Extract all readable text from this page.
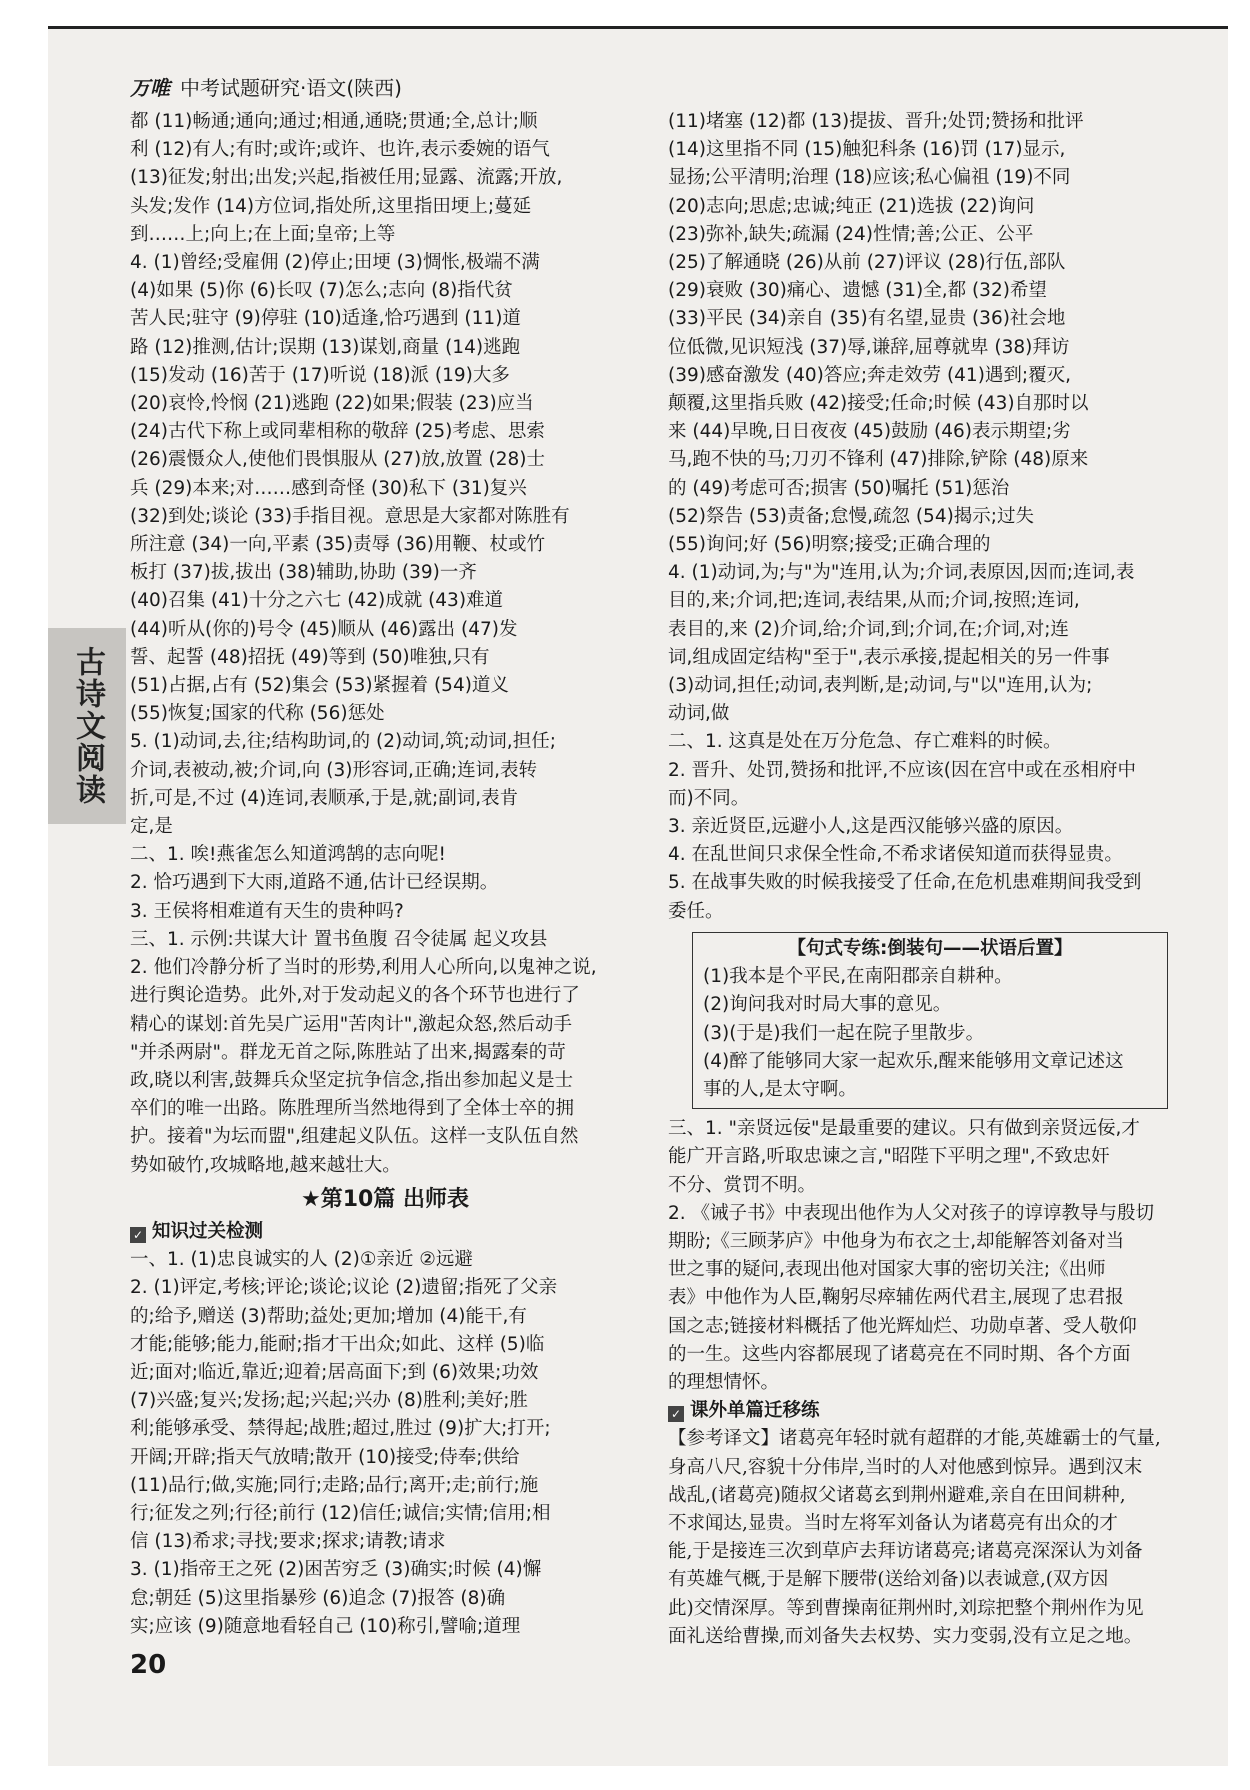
万唯 中考试题研究·语文(陕西)
古诗文阅读

都 (11)畅通;通向;通过;相通,通晓;贯通;全,总计;顺

利 (12)有人;有时;或许;或许、也许,表示委婉的语气

(13)征发;射出;出发;兴起,指被任用;显露、流露;开放,

头发;发作 (14)方位词,指处所,这里指田埂上;蔓延

到……上;向上;在上面;皇帝;上等

4. (1)曾经;受雇佣 (2)停止;田埂 (3)惆怅,极端不满

(4)如果 (5)你 (6)长叹 (7)怎么;志向 (8)指代贫

苦人民;驻守 (9)停驻 (10)适逢,恰巧遇到 (11)道

路 (12)推测,估计;误期 (13)谋划,商量 (14)逃跑

(15)发动 (16)苦于 (17)听说 (18)派 (19)大多

(20)哀怜,怜悯 (21)逃跑 (22)如果;假装 (23)应当

(24)古代下称上或同辈相称的敬辞 (25)考虑、思索

(26)震慑众人,使他们畏惧服从 (27)放,放置 (28)士

兵 (29)本来;对……感到奇怪 (30)私下 (31)复兴

(32)到处;谈论 (33)手指目视。意思是大家都对陈胜有

所注意 (34)一向,平素 (35)责辱 (36)用鞭、杖或竹

板打 (37)拔,拔出 (38)辅助,协助 (39)一齐

(40)召集 (41)十分之六七 (42)成就 (43)难道

(44)听从(你的)号令 (45)顺从 (46)露出 (47)发

誓、起誓 (48)招抚 (49)等到 (50)唯独,只有

(51)占据,占有 (52)集会 (53)紧握着 (54)道义

(55)恢复;国家的代称 (56)惩处

5. (1)动词,去,往;结构助词,的 (2)动词,筑;动词,担任;

介词,表被动,被;介词,向 (3)形容词,正确;连词,表转

折,可是,不过 (4)连词,表顺承,于是,就;副词,表肯

定,是

二、1. 唉!燕雀怎么知道鸿鹄的志向呢!

2. 恰巧遇到下大雨,道路不通,估计已经误期。

3. 王侯将相难道有天生的贵种吗?

三、1. 示例:共谋大计 置书鱼腹 召令徒属 起义攻县

2. 他们冷静分析了当时的形势,利用人心所向,以鬼神之说,

进行舆论造势。此外,对于发动起义的各个环节也进行了

精心的谋划:首先吴广运用"苦肉计",激起众怒,然后动手

"并杀两尉"。群龙无首之际,陈胜站了出来,揭露秦的苛

政,晓以利害,鼓舞兵众坚定抗争信念,指出参加起义是士

卒们的唯一出路。陈胜理所当然地得到了全体士卒的拥

护。接着"为坛而盟",组建起义队伍。这样一支队伍自然

势如破竹,攻城略地,越来越壮大。

★第10篇 出师表

✓ 知识过关检测

一、1. (1)忠良诚实的人 (2)①亲近 ②远避

2. (1)评定,考核;评论;谈论;议论 (2)遗留;指死了父亲

的;给予,赠送 (3)帮助;益处;更加;增加 (4)能干,有

才能;能够;能力,能耐;指才干出众;如此、这样 (5)临

近;面对;临近,靠近;迎着;居高面下;到 (6)效果;功效

(7)兴盛;复兴;发扬;起;兴起;兴办 (8)胜利;美好;胜

利;能够承受、禁得起;战胜;超过,胜过 (9)扩大;打开;

开阔;开辟;指天气放晴;散开 (10)接受;侍奉;供给

(11)品行;做,实施;同行;走路;品行;离开;走;前行;施

行;征发之列;行径;前行 (12)信任;诚信;实情;信用;相

信 (13)希求;寻找;要求;探求;请教;请求

3. (1)指帝王之死 (2)困苦穷乏 (3)确实;时候 (4)懈

怠;朝廷 (5)这里指暴殄 (6)追念 (7)报答 (8)确

实;应该 (9)随意地看轻自己 (10)称引,譬喻;道理

(11)堵塞 (12)都 (13)提拔、晋升;处罚;赞扬和批评

(14)这里指不同 (15)触犯科条 (16)罚 (17)显示,

显扬;公平清明;治理 (18)应该;私心偏祖 (19)不同

(20)志向;思虑;忠诚;纯正 (21)选拔 (22)询问

(23)弥补,缺失;疏漏 (24)性情;善;公正、公平

(25)了解通晓 (26)从前 (27)评议 (28)行伍,部队

(29)衰败 (30)痛心、遗憾 (31)全,都 (32)希望

(33)平民 (34)亲自 (35)有名望,显贵 (36)社会地

位低微,见识短浅 (37)辱,谦辞,屈尊就卑 (38)拜访

(39)感奋激发 (40)答应;奔走效劳 (41)遇到;覆灭,

颠覆,这里指兵败 (42)接受;任命;时候 (43)自那时以

来 (44)早晚,日日夜夜 (45)鼓励 (46)表示期望;劣

马,跑不快的马;刀刃不锋利 (47)排除,铲除 (48)原来

的 (49)考虑可否;损害 (50)嘱托 (51)惩治

(52)祭告 (53)责备;怠慢,疏忽 (54)揭示;过失

(55)询问;好 (56)明察;接受;正确合理的

4. (1)动词,为;与"为"连用,认为;介词,表原因,因而;连词,表

目的,来;介词,把;连词,表结果,从而;介词,按照;连词,

表目的,来 (2)介词,给;介词,到;介词,在;介词,对;连

词,组成固定结构"至于",表示承接,提起相关的另一件事

(3)动词,担任;动词,表判断,是;动词,与"以"连用,认为;

动词,做

二、1. 这真是处在万分危急、存亡难料的时候。

2. 晋升、处罚,赞扬和批评,不应该(因在宫中或在丞相府中

而)不同。

3. 亲近贤臣,远避小人,这是西汉能够兴盛的原因。

4. 在乱世间只求保全性命,不希求诸侯知道而获得显贵。

5. 在战事失败的时候我接受了任命,在危机患难期间我受到

委任。

【句式专练:倒装句——状语后置】

(1)我本是个平民,在南阳郡亲自耕种。

(2)询问我对时局大事的意见。

(3)(于是)我们一起在院子里散步。

(4)醉了能够同大家一起欢乐,醒来能够用文章记述这

事的人,是太守啊。

三、1. "亲贤远佞"是最重要的建议。只有做到亲贤远佞,才

能广开言路,听取忠谏之言,"昭陛下平明之理",不致忠奸

不分、赏罚不明。

2. 《诫子书》中表现出他作为人父对孩子的谆谆教导与殷切

期盼;《三顾茅庐》中他身为布衣之士,却能解答刘备对当

世之事的疑问,表现出他对国家大事的密切关注;《出师

表》中他作为人臣,鞠躬尽瘁辅佐两代君主,展现了忠君报

国之志;链接材料概括了他光辉灿烂、功勋卓著、受人敬仰

的一生。这些内容都展现了诸葛亮在不同时期、各个方面

的理想情怀。

✓ 课外单篇迁移练

【参考译文】诸葛亮年轻时就有超群的才能,英雄霸士的气量,

身高八尺,容貌十分伟岸,当时的人对他感到惊异。遇到汉末

战乱,(诸葛亮)随叔父诸葛玄到荆州避难,亲自在田间耕种,

不求闻达,显贵。当时左将军刘备认为诸葛亮有出众的才

能,于是接连三次到草庐去拜访诸葛亮;诸葛亮深深认为刘备

有英雄气概,于是解下腰带(送给刘备)以表诚意,(双方因

此)交情深厚。等到曹操南征荆州时,刘琮把整个荆州作为见

面礼送给曹操,而刘备失去权势、实力变弱,没有立足之地。

20
